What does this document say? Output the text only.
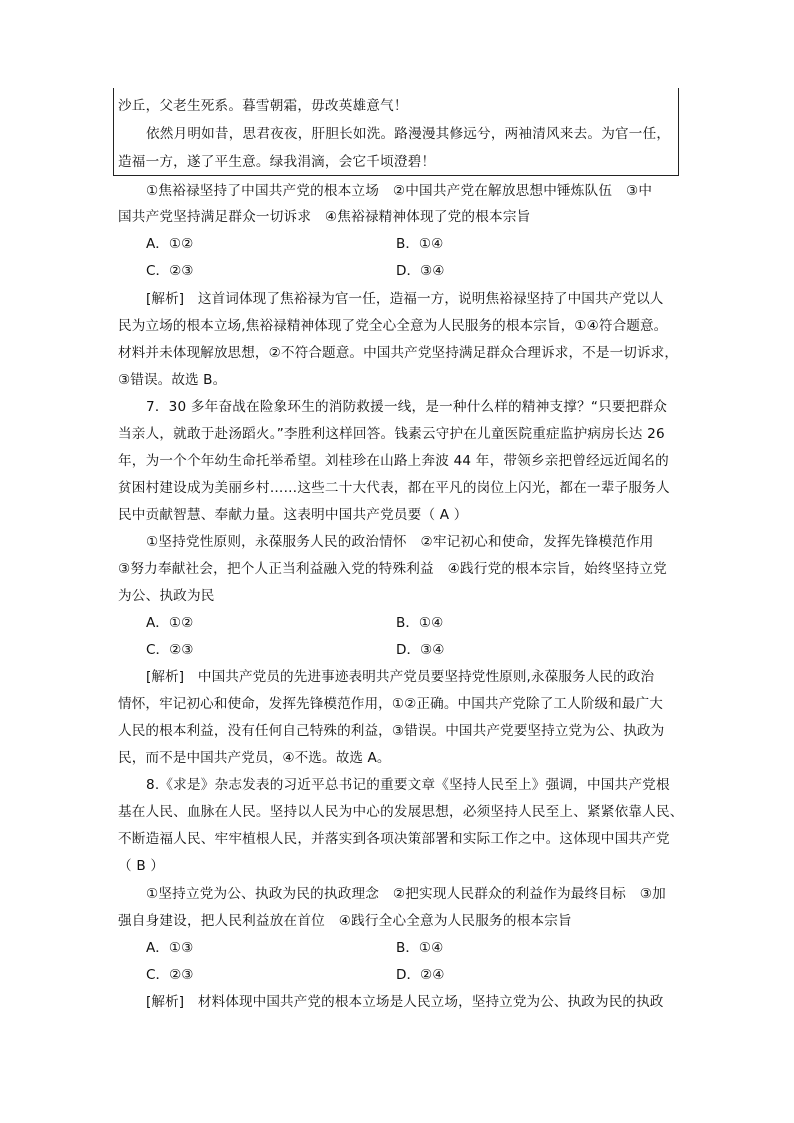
沙丘，父老生死系。暮雪朝霜，毋改英雄意气！
依然月明如昔，思君夜夜，肝胆长如洗。路漫漫其修远兮，两袖清风来去。为官一任，
造福一方，遂了平生意。绿我涓滴，会它千顷澄碧！
①焦裕禄坚持了中国共产党的根本立场　②中国共产党在解放思想中锤炼队伍　③中
国共产党坚持满足群众一切诉求　④焦裕禄精神体现了党的根本宗旨
A．①②	B．①④
C．②③	D．③④
[解析]　这首词体现了焦裕禄为官一任，造福一方，说明焦裕禄坚持了中国共产党以人
民为立场的根本立场,焦裕禄精神体现了党全心全意为人民服务的根本宗旨，①④符合题意。
材料并未体现解放思想，②不符合题意。中国共产党坚持满足群众合理诉求，不是一切诉求，
③错误。故选 B。
7．30 多年奋战在险象环生的消防救援一线，是一种什么样的精神支撑？“只要把群众
当亲人，就敢于赴汤蹈火。”李胜利这样回答。钱素云守护在儿童医院重症监护病房长达 26
年，为一个个年幼生命托举希望。刘桂珍在山路上奔波 44 年，带领乡亲把曾经远近闻名的
贫困村建设成为美丽乡村……这些二十大代表，都在平凡的岗位上闪光，都在一辈子服务人
民中贡献智慧、奉献力量。这表明中国共产党员要（ A ）
①坚持党性原则，永葆服务人民的政治情怀　②牢记初心和使命，发挥先锋模范作用
③努力奉献社会，把个人正当利益融入党的特殊利益　④践行党的根本宗旨，始终坚持立党
为公、执政为民
A．①②	B．①④
C．②③	D．③④
[解析]　中国共产党员的先进事迹表明共产党员要坚持党性原则,永葆服务人民的政治
情怀，牢记初心和使命，发挥先锋模范作用，①②正确。中国共产党除了工人阶级和最广大
人民的根本利益，没有任何自己特殊的利益，③错误。中国共产党要坚持立党为公、执政为
民，而不是中国共产党员，④不选。故选 A。
8.《求是》杂志发表的习近平总书记的重要文章《坚持人民至上》强调，中国共产党根
基在人民、血脉在人民。坚持以人民为中心的发展思想，必须坚持人民至上、紧紧依靠人民、
不断造福人民、牢牢植根人民，并落实到各项决策部署和实际工作之中。这体现中国共产党
（ B ）
①坚持立党为公、执政为民的执政理念　②把实现人民群众的利益作为最终目标　③加
强自身建设，把人民利益放在首位　④践行全心全意为人民服务的根本宗旨
A．①③	B．①④
C．②③	D．②④
[解析]　材料体现中国共产党的根本立场是人民立场，坚持立党为公、执政为民的执政
